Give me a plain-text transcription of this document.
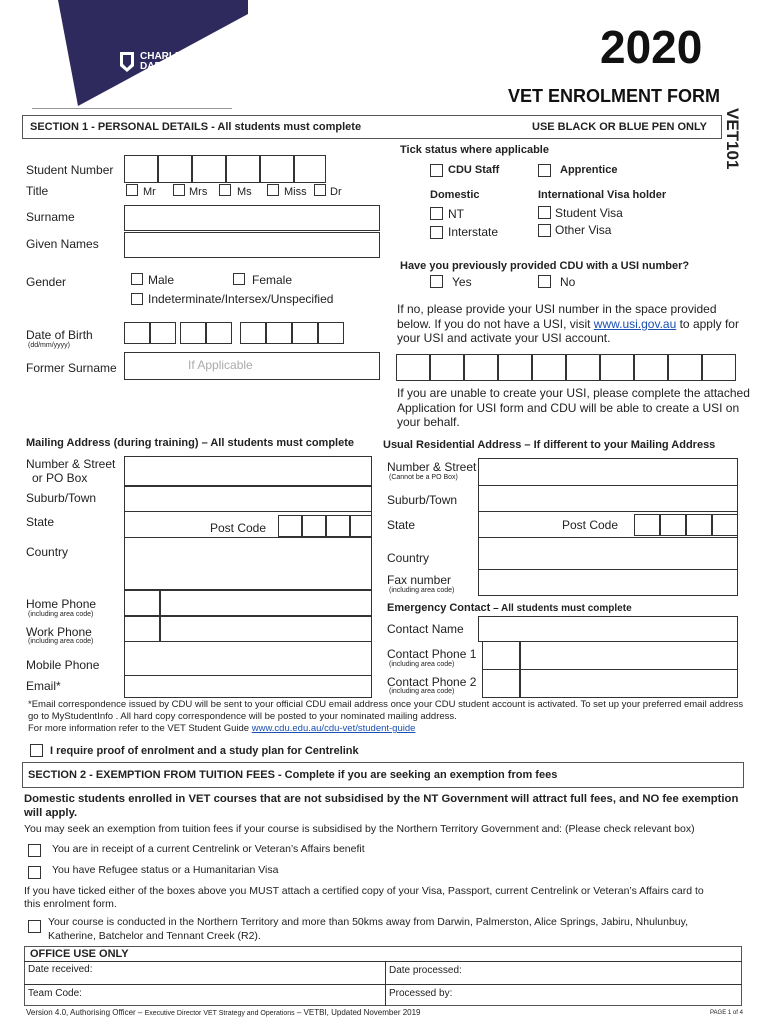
CHARLES
DARWIN
UNIVERSITY
2020
VET ENROLMENT FORM
VET101
SECTION 1 - PERSONAL DETAILS - All students must complete	USE BLACK OR BLUE PEN ONLY
Student Number
Title	Mr	Mrs	Ms	Miss Dr
Surname
Given Names
Gender	Male	Female
Indeterminate/Intersex/Unspecified
Date of Birth
(dd/mm/yyyy)
Former Surname	If Applicable
Tick status where applicable
CDU Staff	Apprentice
Domestic	International Visa holder
NT	Student Visa
Interstate	Other Visa
Have you previously provided CDU with a USI number?
Yes	No
If no, please provide your USI number in the space provided
below. If you do not have a USI, visit www.usi.gov.au to apply for
your USI and activate your USI account.
If you are unable to create your USI, please complete the attached
Application for USI form and CDU will be able to create a USI on
your behalf.
Mailing Address (during training) – All students must complete
Number & Street
or PO Box
Suburb/Town
State	Post Code
Country
Home Phone
(including area code)
Work Phone
(including area code)
Mobile Phone
Email*
Usual Residential Address – If different to your Mailing Address
Number & Street
(Cannot be a PO Box)
Suburb/Town
State	Post Code
Country
Fax number
(including area code)
Emergency Contact – All students must complete
Contact Name
Contact Phone 1
(including area code)
Contact Phone 2
(including area code)
*Email correspondence issued by CDU will be sent to your official CDU email address once your CDU student account is activated. To set up your preferred email address
go to MyStudentInfo . All hard copy correspondence will be posted to your nominated mailing address.
For more information refer to the VET Student Guide www.cdu.edu.au/cdu-vet/student-guide
I require proof of enrolment and a study plan for Centrelink
SECTION 2 - EXEMPTION FROM TUITION FEES - Complete if you are seeking an exemption from fees
Domestic students enrolled in VET courses that are not subsidised by the NT Government will attract full fees, and NO fee exemption
will apply.
You may seek an exemption from tuition fees if your course is subsidised by the Northern Territory Government and: (Please check relevant box)
You are in receipt of a current Centrelink or Veteran’s Affairs benefit
You have Refugee status or a Humanitarian Visa
If you have ticked either of the boxes above you MUST attach a certified copy of your Visa, Passport, current Centrelink or Veteran’s Affairs card to
this enrolment form.
Your course is conducted in the Northern Territory and more than 50kms away from Darwin, Palmerston, Alice Springs, Jabiru, Nhulunbuy,
Katherine, Batchelor and Tennant Creek (R2).
OFFICE USE ONLY
Date received:	Date processed:
Team Code:	Processed by:
Version 4.0, Authorising Officer – Executive Director VET Strategy and Operations – VETBI, Updated November 2019	PAGE 1 of 4
